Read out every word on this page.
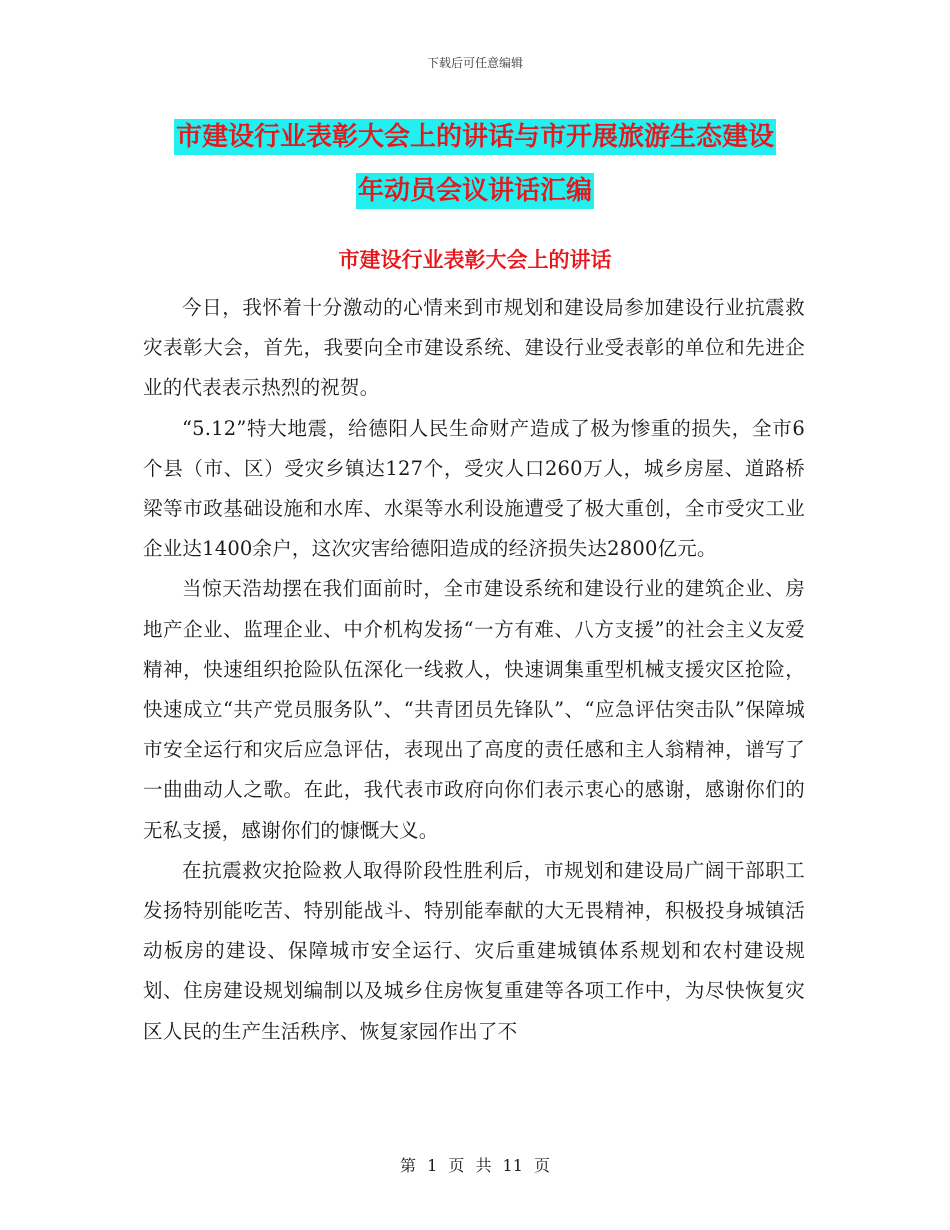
下载后可任意编辑
市建设行业表彰大会上的讲话与市开展旅游生态建设
年动员会议讲话汇编
市建设行业表彰大会上的讲话

今日，我怀着十分激动的心情来到市规划和建设局参加建设行业抗震救灾表彰大会，首先，我要向全市建设系统、建设行业受表彰的单位和先进企业的代表表示热烈的祝贺。

“5.12”特大地震，给德阳人民生命财产造成了极为惨重的损失，全市6个县（市、区）受灾乡镇达127个，受灾人口260万人，城乡房屋、道路桥梁等市政基础设施和水库、水渠等水利设施遭受了极大重创，全市受灾工业企业达1400余户，这次灾害给德阳造成的经济损失达2800亿元。

当惊天浩劫摆在我们面前时，全市建设系统和建设行业的建筑企业、房地产企业、监理企业、中介机构发扬“一方有难、八方支援”的社会主义友爱精神，快速组织抢险队伍深化一线救人，快速调集重型机械支援灾区抢险，快速成立“共产党员服务队”、“共青团员先锋队”、“应急评估突击队”保障城市安全运行和灾后应急评估，表现出了高度的责任感和主人翁精神，谱写了一曲曲动人之歌。在此，我代表市政府向你们表示衷心的感谢，感谢你们的无私支援，感谢你们的慷慨大义。

在抗震救灾抢险救人取得阶段性胜利后，市规划和建设局广阔干部职工发扬特别能吃苦、特别能战斗、特别能奉献的大无畏精神，积极投身城镇活动板房的建设、保障城市安全运行、灾后重建城镇体系规划和农村建设规划、住房建设规划编制以及城乡住房恢复重建等各项工作中，为尽快恢复灾区人民的生产生活秩序、恢复家园作出了不

第 1 页 共 11 页
